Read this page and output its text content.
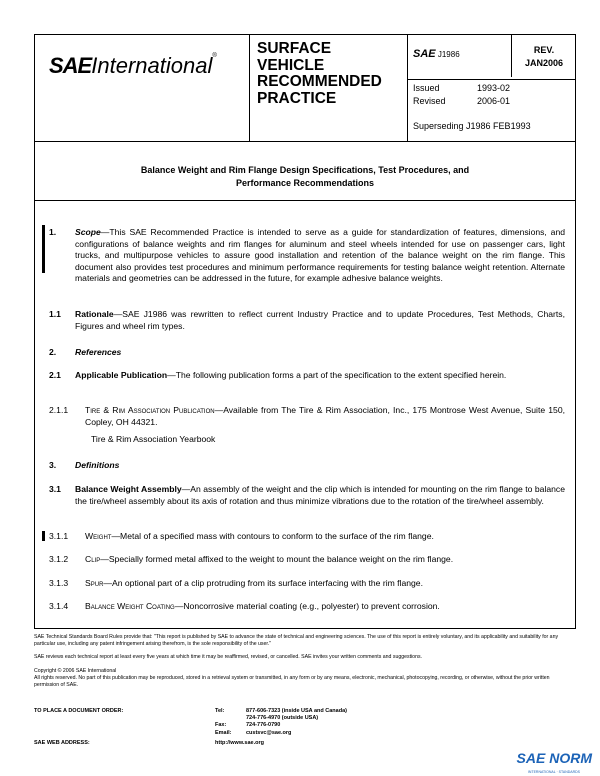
SAEInternational®	SURFACE
VEHICLE
RECOMMENDED
PRACTICE
SAE J1986	REV.
JAN2006
Issued	1993-02
Revised	2006-01
Superseding J1986 FEB1993
Balance Weight and Rim Flange Design Specifications, Test Procedures, and
Performance Recommendations
1. Scope—This SAE Recommended Practice is intended to serve as a guide for standardization of features, dimensions, and configurations of balance weights and rim flanges for aluminum and steel wheels intended for use on passenger cars, light trucks, and multipurpose vehicles to assure good installation and retention of the balance weight on the rim flange. This document also provides test procedures and minimum performance requirements for testing balance weight retention. Alternate materials and geometries can be addressed in the future, for example adhesive balance weights.
1.1 Rationale—SAE J1986 was rewritten to reflect current Industry Practice and to update Procedures, Test Methods, Charts, Figures and wheel rim types.
2. References
2.1 Applicable Publication—The following publication forms a part of the specification to the extent specified herein.
2.1.1 Tire & Rim Association Publication—Available from The Tire & Rim Association, Inc., 175 Montrose West Avenue, Suite 150, Copley, OH 44321.
Tire & Rim Association Yearbook
3. Definitions
3.1 Balance Weight Assembly—An assembly of the weight and the clip which is intended for mounting on the rim flange to balance the tire/wheel assembly about its axis of rotation and thus minimize vibrations due to the rotation of the tire/wheel assembly.
3.1.1 Weight—Metal of a specified mass with contours to conform to the surface of the rim flange.
3.1.2 Clip—Specially formed metal affixed to the weight to mount the balance weight on the rim flange.
3.1.3 Spur—An optional part of a clip protruding from its surface interfacing with the rim flange.
3.1.4 Balance Weight Coating—Noncorrosive material coating (e.g., polyester) to prevent corrosion.
SAE Technical Standards Board Rules provide that: "This report is published by SAE to advance the state of technical and engineering sciences. The use of this report is entirely voluntary, and its applicability and suitability for any particular use, including any patent infringement arising therefrom, is the sole responsibility of the user."
SAE reviews each technical report at least every five years at which time it may be reaffirmed, revised, or cancelled. SAE invites your written comments and suggestions.
Copyright © 2006 SAE International
All rights reserved. No part of this publication may be reproduced, stored in a retrieval system or transmitted, in any form or by any means, electronic, mechanical, photocopying, recording, or otherwise, without the prior written permission of SAE.
TO PLACE A DOCUMENT ORDER:	Tel:	877-606-7323 (inside USA and Canada)
724-776-4970 (outside USA)
Fax:	724-776-0790
Email:	custsvc@sae.org
SAE WEB ADDRESS:	http://www.sae.org
SAE NORM
INTERNATIONAL · STANDARDS
